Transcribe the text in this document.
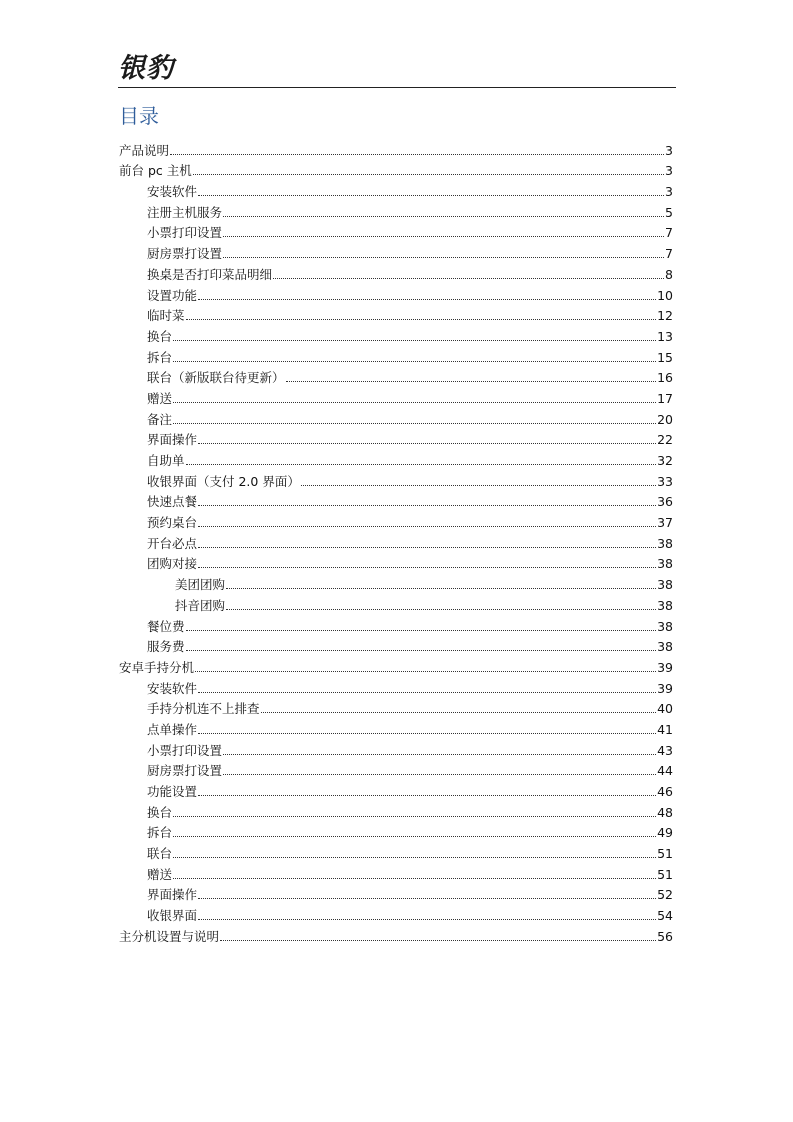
银豹
目录
产品说明	3
前台 pc 主机	3
安装软件	3
注册主机服务	5
小票打印设置	7
厨房票打设置	7
换桌是否打印菜品明细	8
设置功能	10
临时菜	12
换台	13
拆台	15
联台（新版联台待更新）	16
赠送	17
备注	20
界面操作	22
自助单	32
收银界面（支付 2.0 界面）	33
快速点餐	36
预约桌台	37
开台必点	38
团购对接	38
美团团购	38
抖音团购	38
餐位费	38
服务费	38
安卓手持分机	39
安装软件	39
手持分机连不上排查	40
点单操作	41
小票打印设置	43
厨房票打设置	44
功能设置	46
换台	48
拆台	49
联台	51
赠送	51
界面操作	52
收银界面	54
主分机设置与说明	56
